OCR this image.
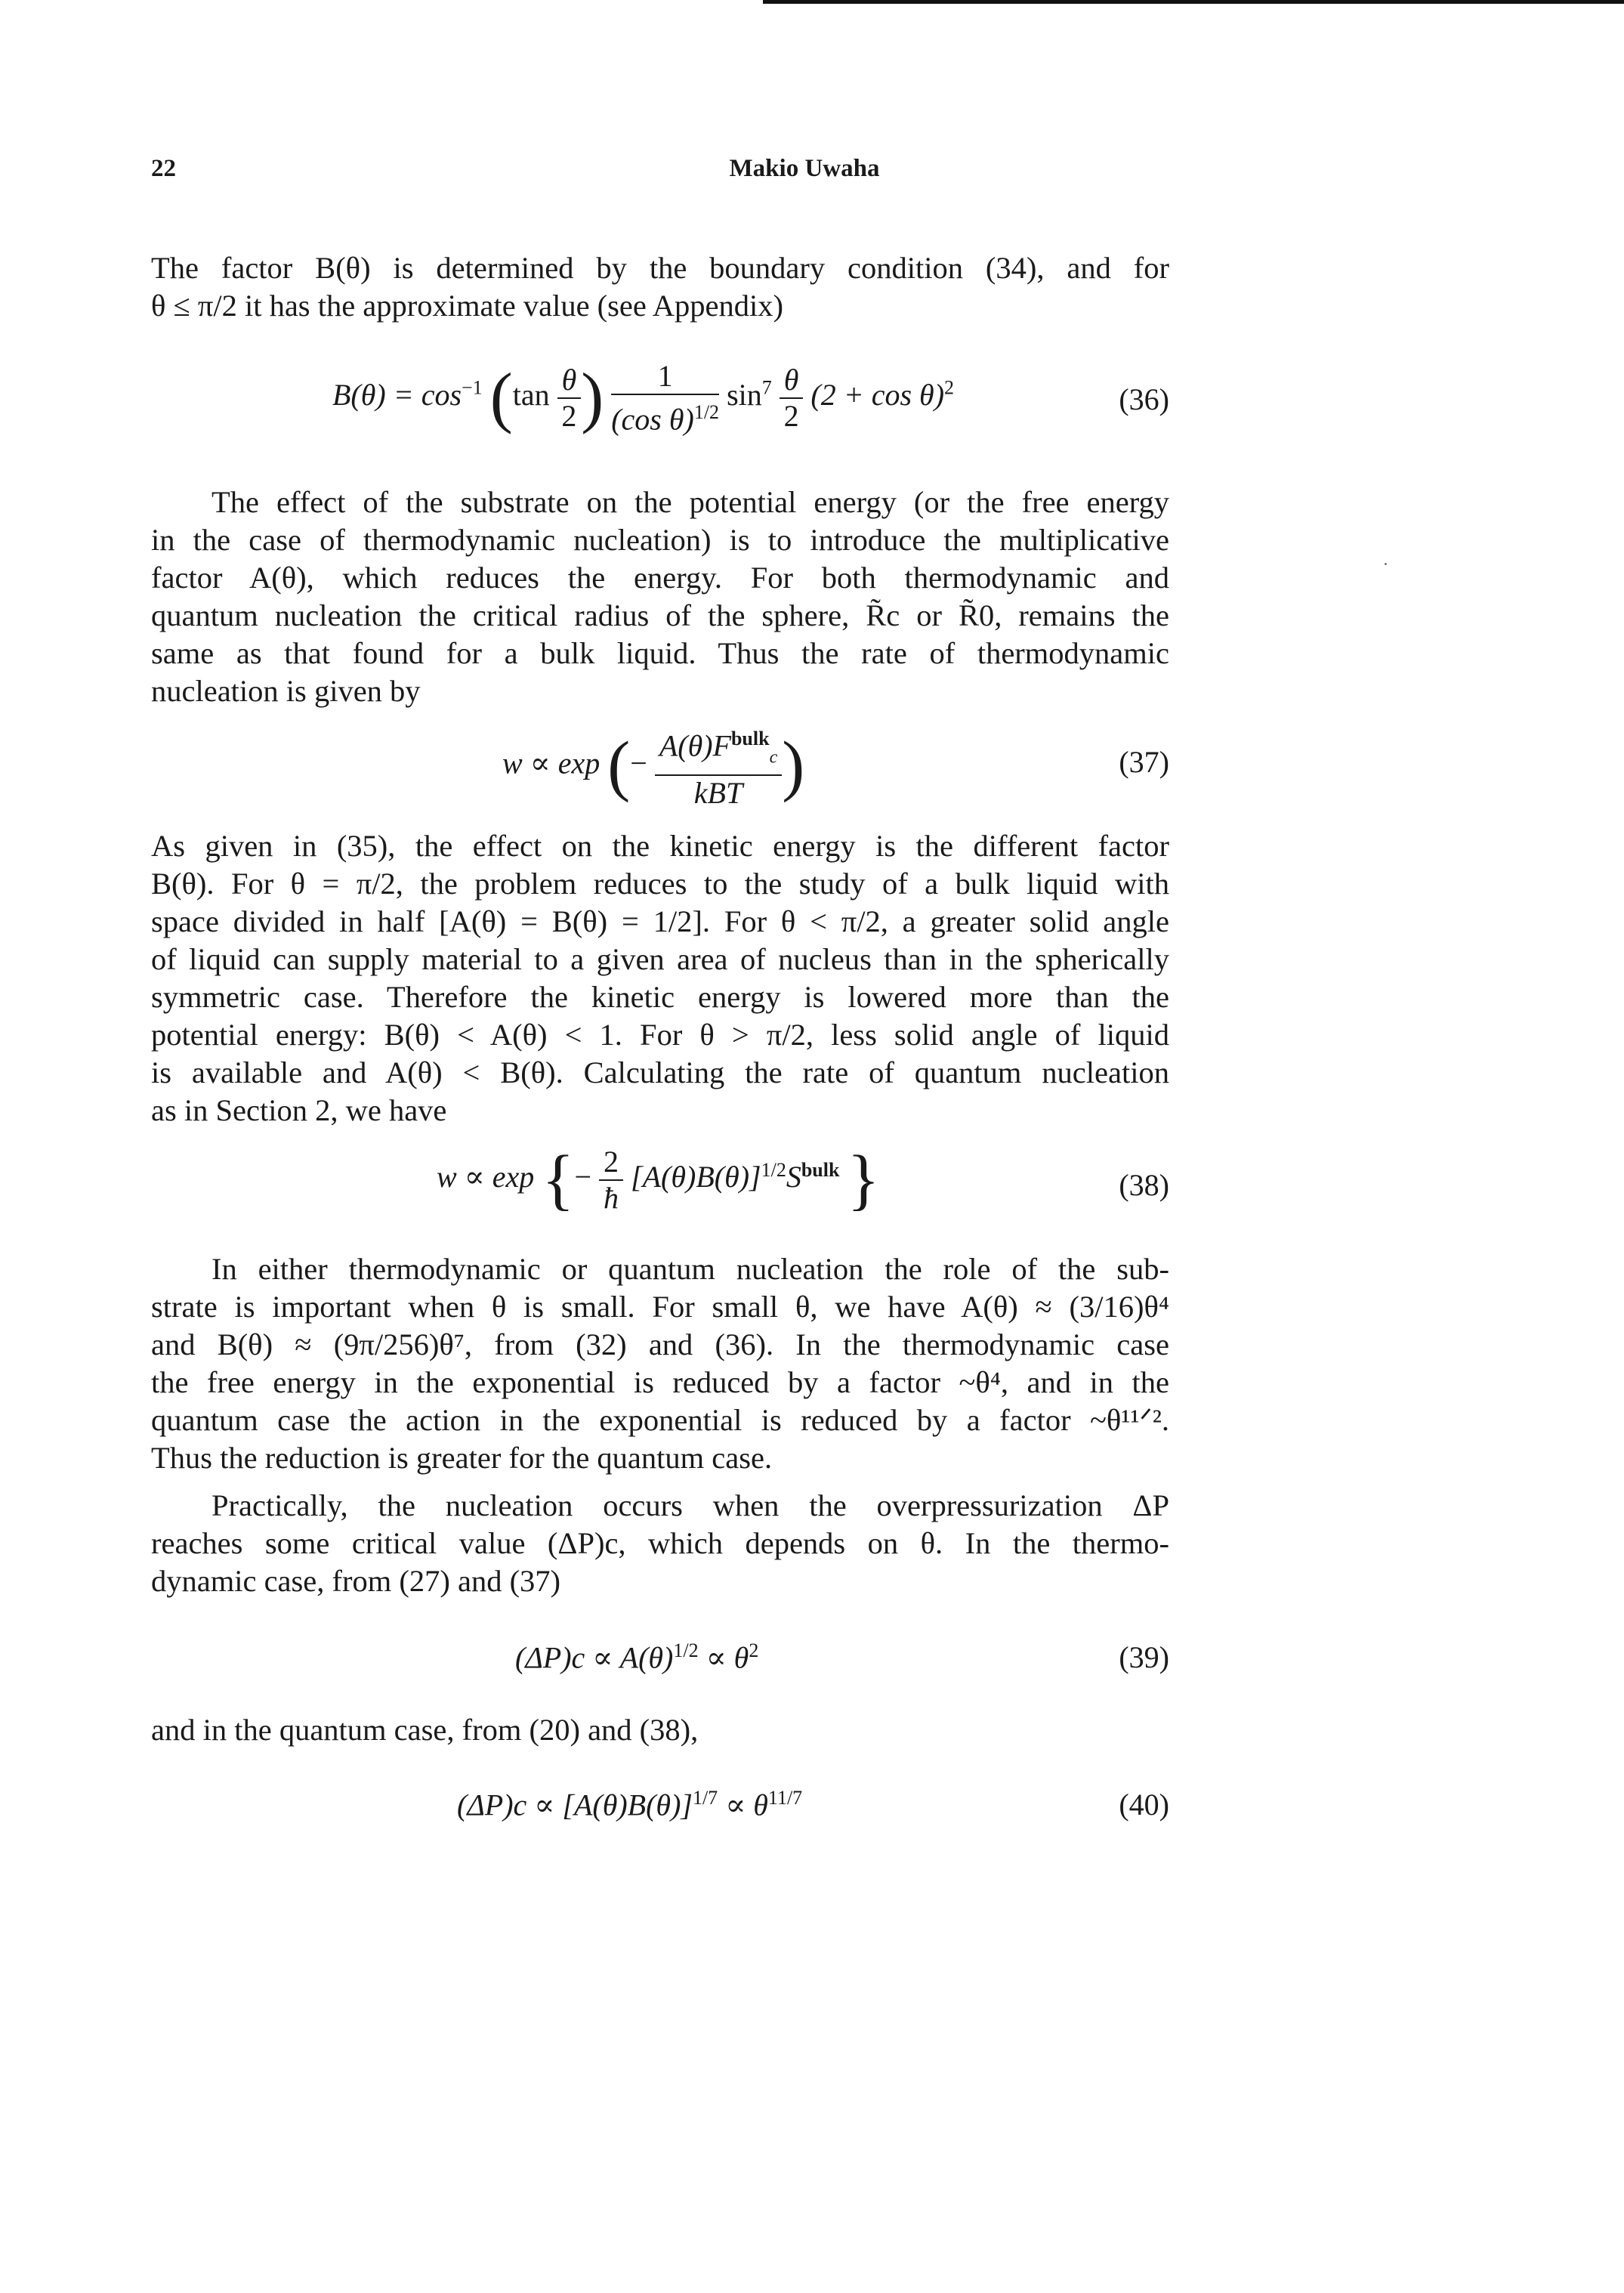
22	Makio Uwaha
The factor B(θ) is determined by the boundary condition (34), and for
θ ≤ π/2 it has the approximate value (see Appendix)
$B(\theta) = \cos^{-1} (\tan \frac{\theta}{2}$ ) $\frac{1}{(\cos \theta)^{1/2}} \sin^7 \frac{\theta}{2} (2 + \cos \theta)^2$	(36)
The effect of the substrate on the potential energy (or the free energy
in the case of thermodynamic nucleation) is to introduce the multiplicative
factor A(θ), which reduces the energy. For both thermodynamic and
quantum nucleation the critical radius of the sphere, R̃c or R̃0, remains the
same as that found for a bulk liquid. Thus the rate of thermodynamic
nucleation is given by
w ∝ exp (− $\frac{A(\theta)F^{bulk}_c}{\text{kBT}}$ )	(37)
As given in (35), the effect on the kinetic energy is the different factor
B(θ). For θ = π/2, the problem reduces to the study of a bulk liquid with
space divided in half [A(θ) = B(θ) = 1/2]. For θ < π/2, a greater solid angle
of liquid can supply material to a given area of nucleus than in the spherically
symmetric case. Therefore the kinetic energy is lowered more than the
potential energy: B(θ) < A(θ) < 1. For θ > π/2, less solid angle of liquid
is available and A(θ) < B(θ). Calculating the rate of quantum nucleation
as in Section 2, we have
w ∝ exp {− $\frac{2}{ħ} [A(\theta)B(\theta)]^{1/2}S^{bulk}$ }	(38)
In either thermodynamic or quantum nucleation the role of the sub-
strate is important when θ is small. For small θ, we have A(θ) ≈ (3/16)θ⁴
and B(θ) ≈ (9π/256)θ⁷, from (32) and (36). In the thermodynamic case
the free energy in the exponential is reduced by a factor ~θ⁴, and in the
quantum case the action in the exponential is reduced by a factor ~θ¹¹ᐟ².
Thus the reduction is greater for the quantum case.
Practically, the nucleation occurs when the overpressurization ΔP
reaches some critical value (ΔP)c, which depends on θ. In the thermo-
dynamic case, from (27) and (37)
$(\Delta P)c \propto A(\theta)^{1/2} \propto \theta^2$	(39)
and in the quantum case, from (20) and (38),
$(\Delta P)c \propto [A(\theta)B(\theta)]^{1/7} \propto \theta^{11/7}$	(40)
